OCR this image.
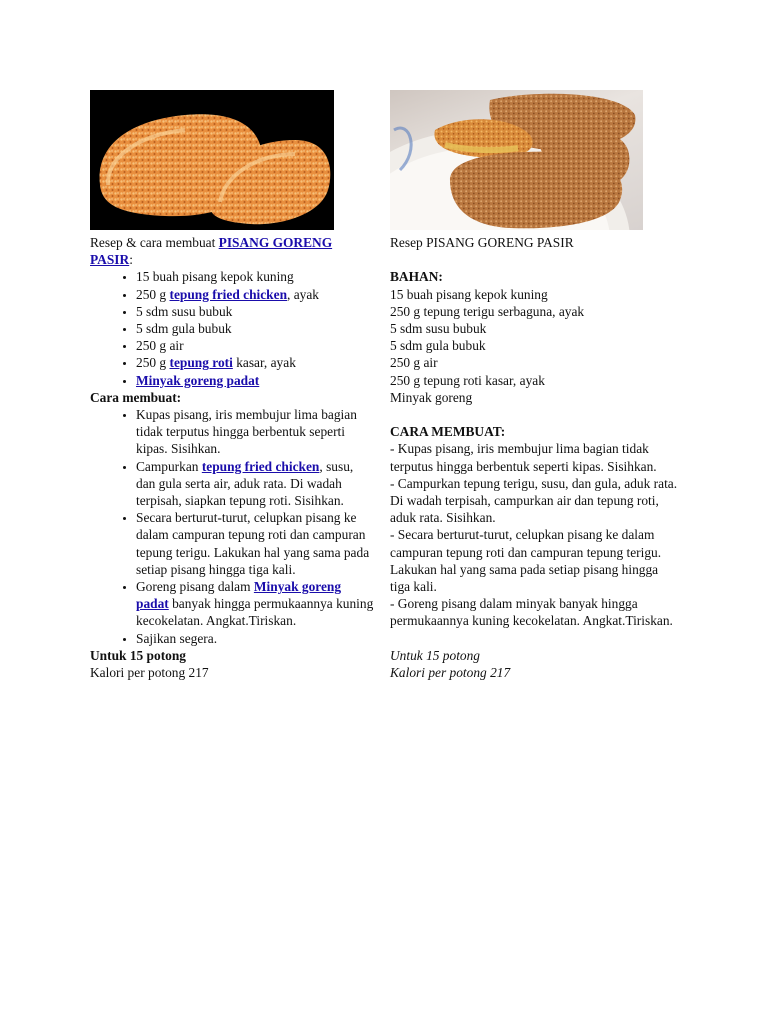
Resep & cara membuat PISANG GORENG PASIR:

• 15 buah pisang kepok kuning
• 250 g tepung fried chicken, ayak
• 5 sdm susu bubuk
• 5 sdm gula bubuk
• 250 g air
• 250 g tepung roti kasar, ayak
• Minyak goreng padat

Cara membuat:

• Kupas pisang, iris membujur lima bagian tidak terputus hingga berbentuk seperti kipas. Sisihkan.
• Campurkan tepung fried chicken, susu, dan gula serta air, aduk rata. Di wadah terpisah, siapkan tepung roti. Sisihkan.
• Secara berturut-turut, celupkan pisang ke dalam campuran tepung roti dan campuran tepung terigu. Lakukan hal yang sama pada setiap pisang hingga tiga kali.
• Goreng pisang dalam Minyak goreng padat banyak hingga permukaannya kuning kecokelatan. Angkat.Tiriskan.
• Sajikan segera.

Untuk 15 potong

Kalori per potong 217

Resep PISANG GORENG PASIR

BAHAN:

15 buah pisang kepok kuning

250 g tepung terigu serbaguna, ayak

5 sdm susu bubuk

5 sdm gula bubuk

250 g air

250 g tepung roti kasar, ayak

Minyak goreng

CARA MEMBUAT:

- Kupas pisang, iris membujur lima bagian tidak terputus hingga berbentuk seperti kipas. Sisihkan.

- Campurkan tepung terigu, susu, dan gula, aduk rata. Di wadah terpisah, campurkan air dan tepung roti, aduk rata. Sisihkan.

- Secara berturut-turut, celupkan pisang ke dalam campuran tepung roti dan campuran tepung terigu. Lakukan hal yang sama pada setiap pisang hingga tiga kali.

- Goreng pisang dalam minyak banyak hingga permukaannya kuning kecokelatan. Angkat.Tiriskan.

Untuk 15 potong

Kalori per potong 217
